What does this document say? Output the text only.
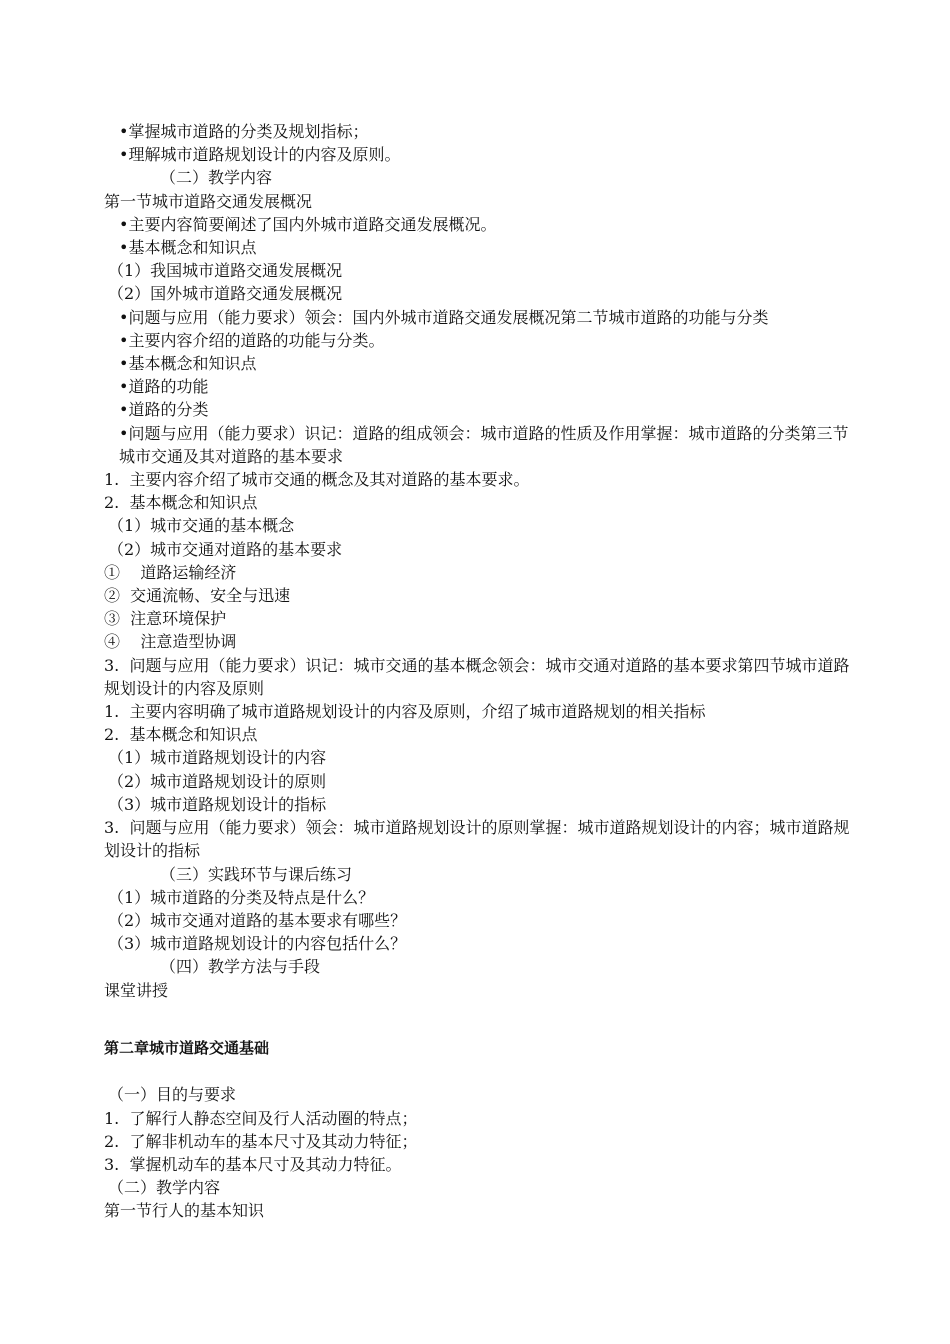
•掌握城市道路的分类及规划指标；
•理解城市道路规划设计的内容及原则。
（二）教学内容
第一节城市道路交通发展概况
•主要内容简要阐述了国内外城市道路交通发展概况。
•基本概念和知识点
（1）我国城市道路交通发展概况
（2）国外城市道路交通发展概况
•问题与应用（能力要求）领会：国内外城市道路交通发展概况第二节城市道路的功能与分类
•主要内容介绍的道路的功能与分类。
•基本概念和知识点
•道路的功能
•道路的分类
•问题与应用（能力要求）识记：道路的组成领会：城市道路的性质及作用掌握：城市道路的分类第三节城市交通及其对道路的基本要求
1.  主要内容介绍了城市交通的概念及其对道路的基本要求。
2.  基本概念和知识点
（1）城市交通的基本概念
（2）城市交通对道路的基本要求
①    道路运输经济
②  交通流畅、安全与迅速
③  注意环境保护
④    注意造型协调
3.  问题与应用（能力要求）识记：城市交通的基本概念领会：城市交通对道路的基本要求第四节城市道路规划设计的内容及原则
1.  主要内容明确了城市道路规划设计的内容及原则，介绍了城市道路规划的相关指标
2.  基本概念和知识点
（1）城市道路规划设计的内容
（2）城市道路规划设计的原则
（3）城市道路规划设计的指标
3.  问题与应用（能力要求）领会：城市道路规划设计的原则掌握：城市道路规划设计的内容；城市道路规划设计的指标
（三）实践环节与课后练习
（1）城市道路的分类及特点是什么？
（2）城市交通对道路的基本要求有哪些？
（3）城市道路规划设计的内容包括什么？
（四）教学方法与手段
课堂讲授
第二章城市道路交通基础
（一）目的与要求
1.  了解行人静态空间及行人活动圈的特点；
2.  了解非机动车的基本尺寸及其动力特征；
3.  掌握机动车的基本尺寸及其动力特征。
（二）教学内容
第一节行人的基本知识
